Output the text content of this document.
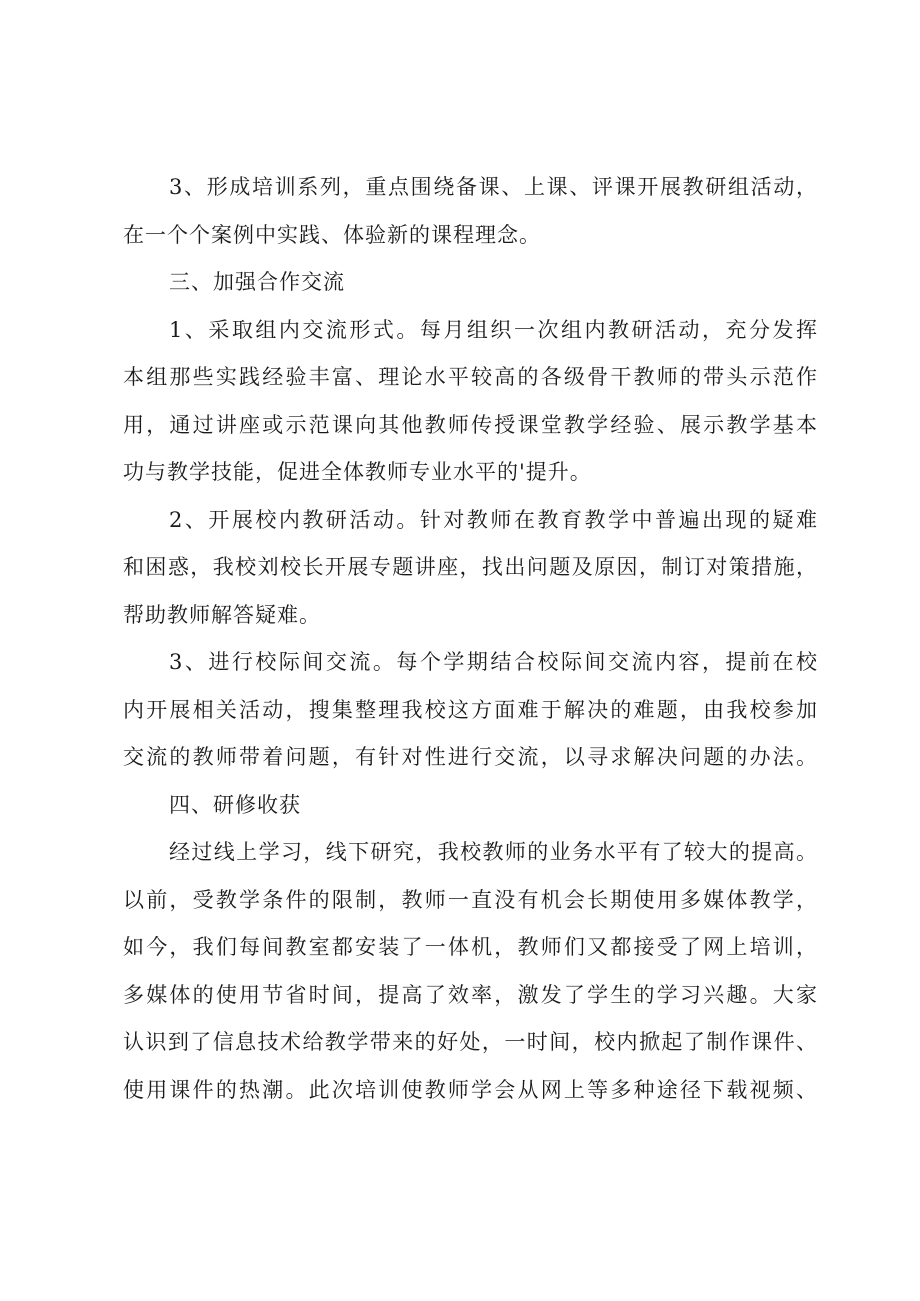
3、形成培训系列，重点围绕备课、上课、评课开展教研组活动，
在一个个案例中实践、体验新的课程理念。
三、加强合作交流
1、采取组内交流形式。每月组织一次组内教研活动，充分发挥
本组那些实践经验丰富、理论水平较高的各级骨干教师的带头示范作
用，通过讲座或示范课向其他教师传授课堂教学经验、展示教学基本
功与教学技能，促进全体教师专业水平的'提升。
2、开展校内教研活动。针对教师在教育教学中普遍出现的疑难
和困惑，我校刘校长开展专题讲座，找出问题及原因，制订对策措施，
帮助教师解答疑难。
3、进行校际间交流。每个学期结合校际间交流内容，提前在校
内开展相关活动，搜集整理我校这方面难于解决的难题，由我校参加
交流的教师带着问题，有针对性进行交流，以寻求解决问题的办法。
四、研修收获
经过线上学习，线下研究，我校教师的业务水平有了较大的提高。
以前，受教学条件的限制，教师一直没有机会长期使用多媒体教学，
如今，我们每间教室都安装了一体机，教师们又都接受了网上培训，
多媒体的使用节省时间，提高了效率，激发了学生的学习兴趣。大家
认识到了信息技术给教学带来的好处，一时间，校内掀起了制作课件、
使用课件的热潮。此次培训使教师学会从网上等多种途径下载视频、
